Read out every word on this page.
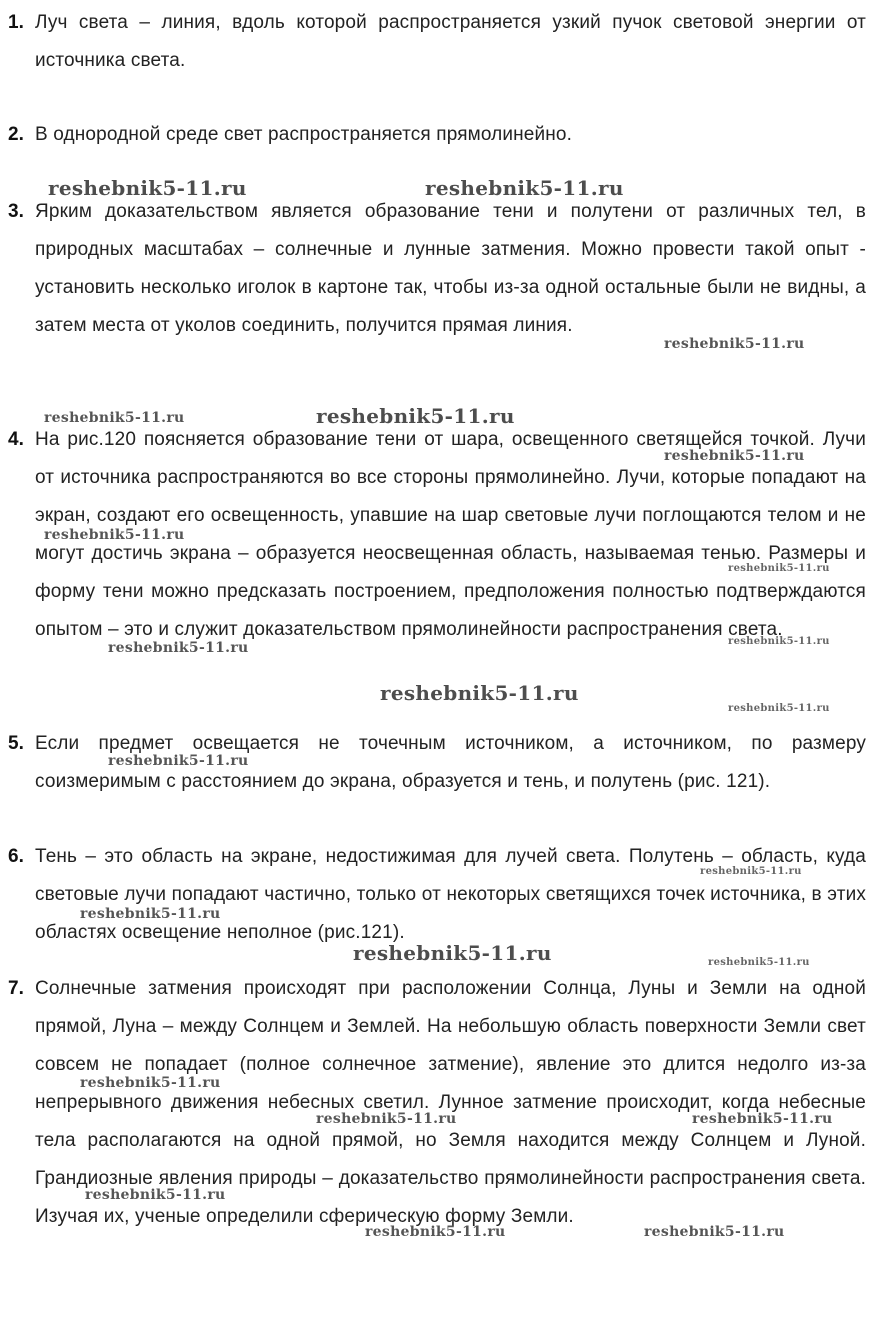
1. Луч света – линия, вдоль которой распространяется узкий пучок световой энергии от источника света.
2. В однородной среде свет распространяется прямолинейно.
3. Ярким доказательством является образование тени и полутени от различных тел, в природных масштабах – солнечные и лунные затмения. Можно провести такой опыт - установить несколько иголок в картоне так, чтобы из-за одной остальные были не видны, а затем места от уколов соединить, получится прямая линия.
4. На рис.120 поясняется образование тени от шара, освещенного светящейся точкой. Лучи от источника распространяются во все стороны прямолинейно. Лучи, которые попадают на экран, создают его освещенность, упавшие на шар световые лучи поглощаются телом и не могут достичь экрана – образуется неосвещенная область, называемая тенью. Размеры и форму тени можно предсказать построением, предположения полностью подтверждаются опытом – это и служит доказательством прямолинейности распространения света.
5. Если предмет освещается не точечным источником, а источником, по размеру соизмеримым с расстоянием до экрана, образуется и тень, и полутень (рис. 121).
6. Тень – это область на экране, недостижимая для лучей света. Полутень – область, куда световые лучи попадают частично, только от некоторых светящихся точек источника, в этих областях освещение неполное (рис.121).
7. Солнечные затмения происходят при расположении Солнца, Луны и Земли на одной прямой, Луна – между Солнцем и Землей. На небольшую область поверхности Земли свет совсем не попадает (полное солнечное затмение), явление это длится недолго из-за непрерывного движения небесных светил. Лунное затмение происходит, когда небесные тела располагаются на одной прямой, но Земля находится между Солнцем и Луной. Грандиозные явления природы – доказательство прямолинейности распространения света. Изучая их, ученые определили сферическую форму Земли.
reshebnik5-11.ru	reshebnik5-11.ru
reshebnik5-11.ru
reshebnik5-11.ru	reshebnik5-11.ru
reshebnik5-11.ru
reshebnik5-11.ru
reshebnik5-11.ru
reshebnik5-11.ru	reshebnik5-11.ru
reshebnik5-11.ru
reshebnik5-11.ru
reshebnik5-11.ru
reshebnik5-11.ru
reshebnik5-11.ru
reshebnik5-11.ru	reshebnik5-11.ru
reshebnik5-11.ru
reshebnik5-11.ru	reshebnik5-11.ru
reshebnik5-11.ru
reshebnik5-11.ru	reshebnik5-11.ru
